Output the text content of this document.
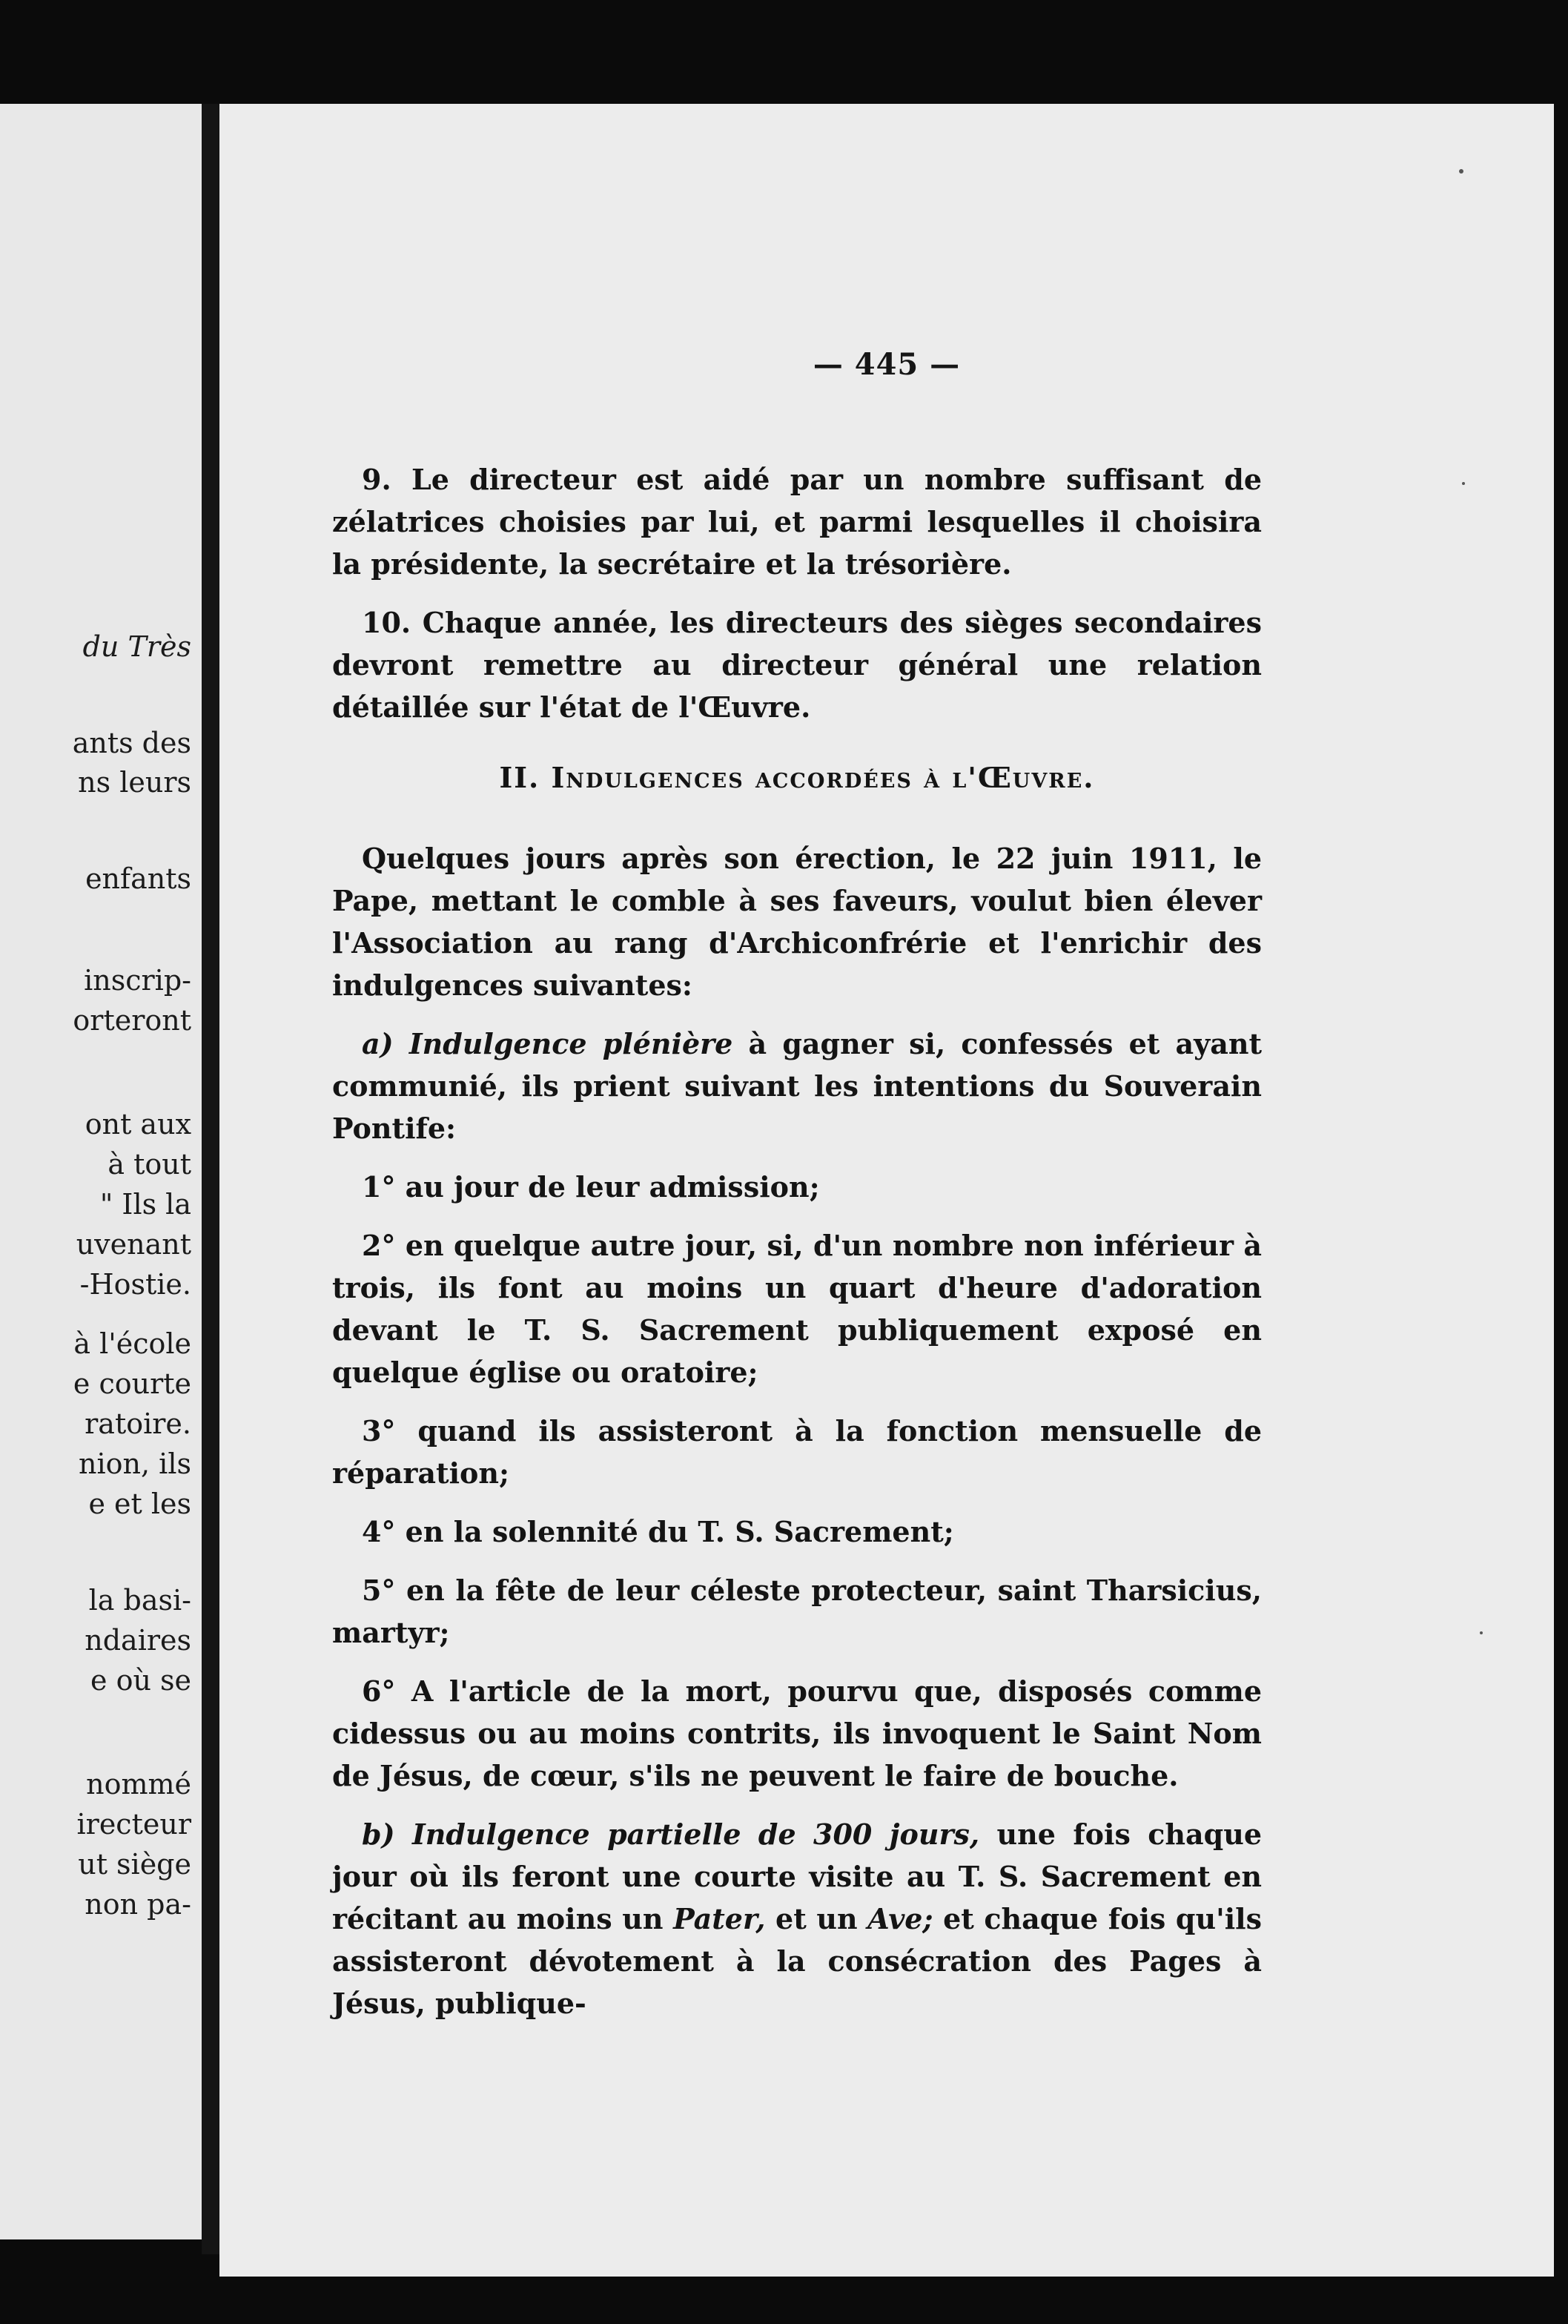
du Très
ants des
ns leurs
enfants
inscrip-
orteront
ont aux
à tout
" Ils la
uvenant
-Hostie.
à l'école
e courte
ratoire.
nion, ils
e et les
la basi-
ndaires
e où se
nommé
irecteur
ut siège
non pa-
— 445 —

9. Le directeur est aidé par un nombre suffisant de zélatrices choisies par lui, et parmi lesquelles il choisira la présidente, la secrétaire et la trésorière.

10. Chaque année, les directeurs des sièges secondaires devront remettre au directeur général une relation détaillée sur l'état de l'Œuvre.

II. Indulgences accordées à l'Œuvre.

Quelques jours après son érection, le 22 juin 1911, le Pape, mettant le comble à ses faveurs, voulut bien élever l'Association au rang d'Archiconfrérie et l'enrichir des indulgences suivantes:

a) Indulgence plénière à gagner si, confessés et ayant communié, ils prient suivant les intentions du Souverain Pontife:

1° au jour de leur admission;

2° en quelque autre jour, si, d'un nombre non inférieur à trois, ils font au moins un quart d'heure d'adoration devant le T. S. Sacrement publiquement exposé en quelque église ou oratoire;

3° quand ils assisteront à la fonction mensuelle de réparation;

4° en la solennité du T. S. Sacrement;

5° en la fête de leur céleste protecteur, saint Tharsicius, martyr;

6° A l'article de la mort, pourvu que, disposés comme cidessus ou au moins contrits, ils invoquent le Saint Nom de Jésus, de cœur, s'ils ne peuvent le faire de bouche.

b) Indulgence partielle de 300 jours, une fois chaque jour où ils feront une courte visite au T. S. Sacrement en récitant au moins un Pater, et un Ave; et chaque fois qu'ils assisteront dévotement à la consécration des Pages à Jésus, publique-
